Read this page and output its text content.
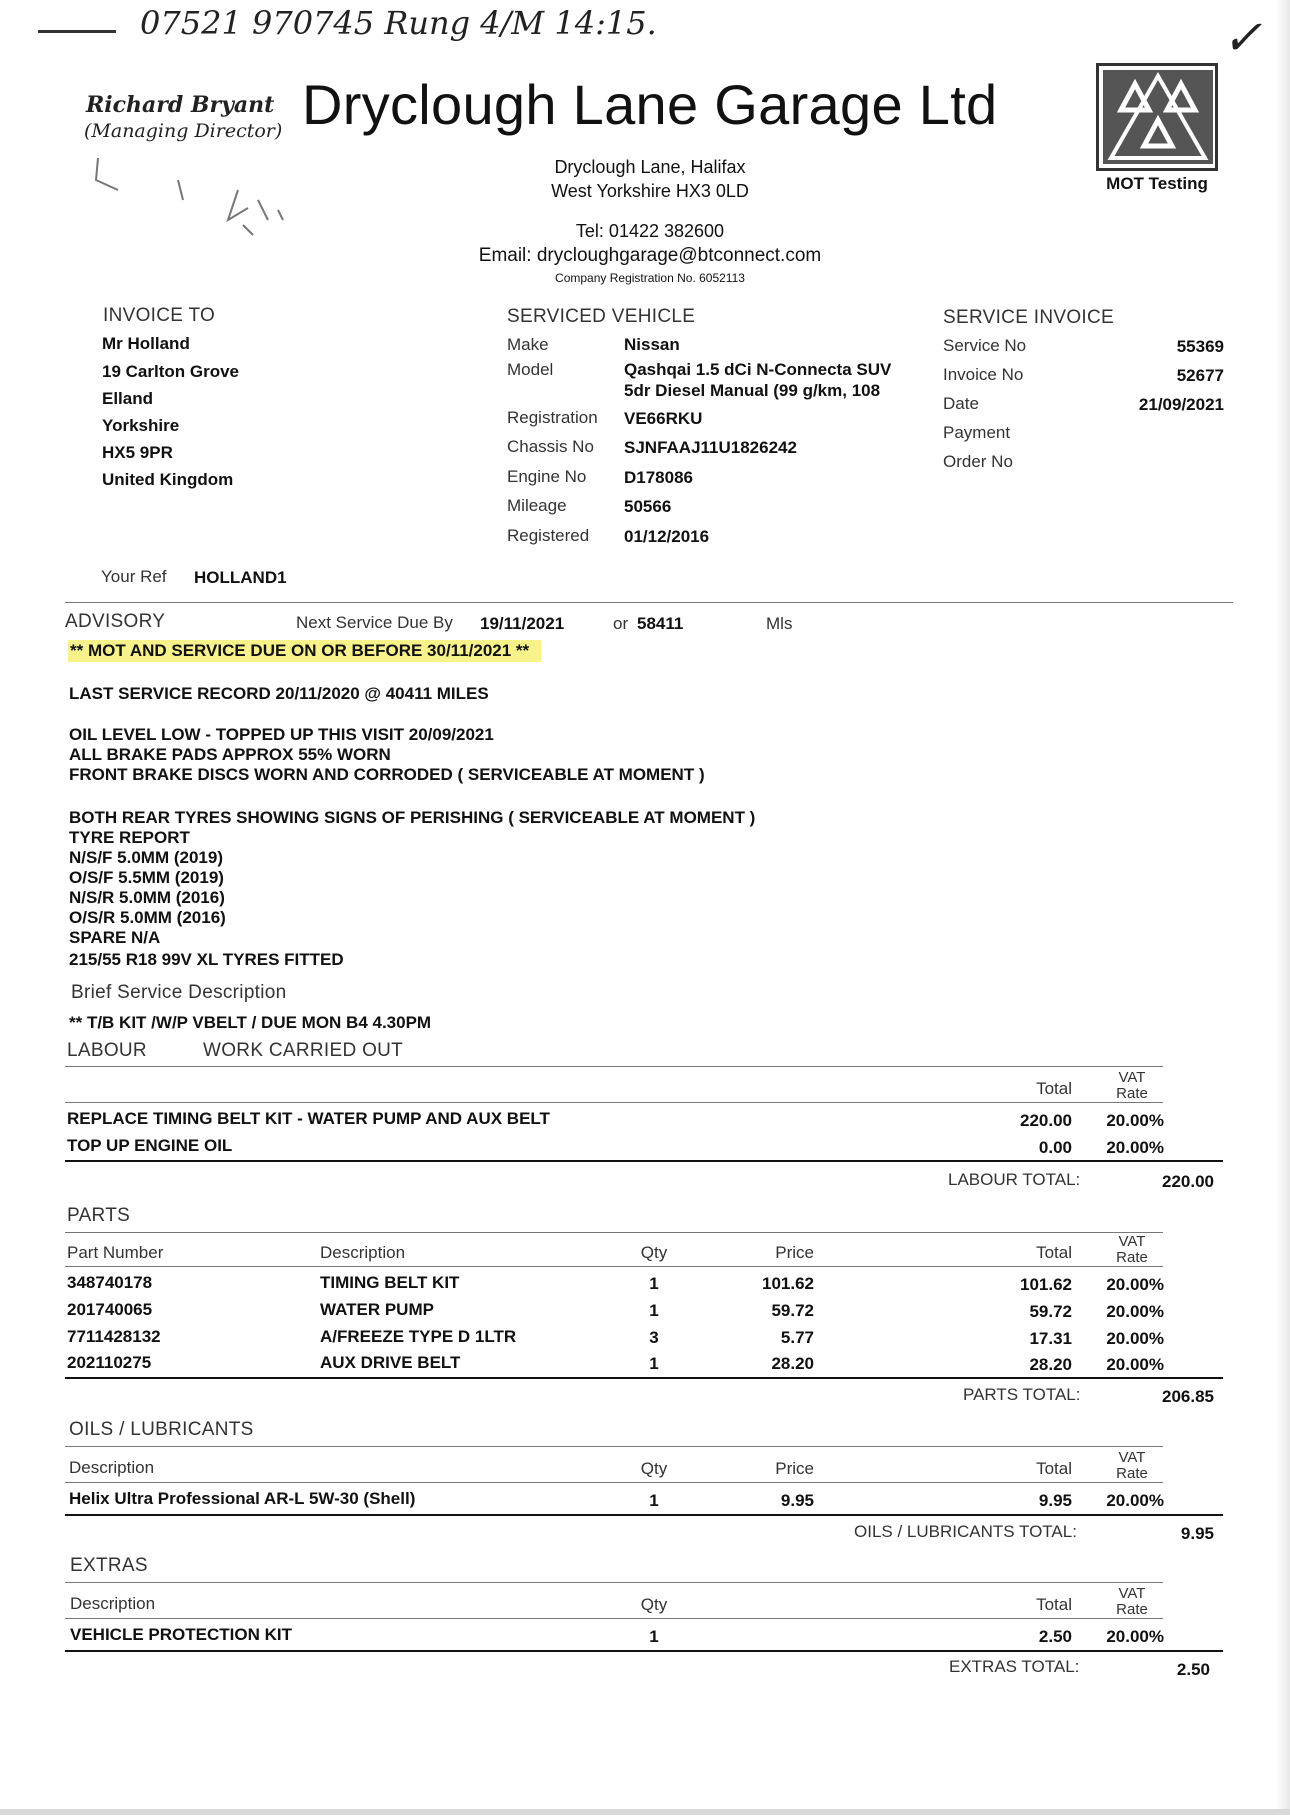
07521 970745 Rung 4/M 14:15.	✓
Richard Bryant
(Managing Director) Dryclough Lane Garage Ltd
Dryclough Lane, Halifax
West Yorkshire HX3 0LD
Tel: 01422 382600
Email: drycloughgarage@btconnect.com
Company Registration No. 6052113
MOT Testing
INVOICE TO
Mr Holland
19 Carlton Grove
Elland
Yorkshire
HX5 9PR
United Kingdom
Your Ref HOLLAND1
SERVICED VEHICLE
Make	Nissan
Model	Qashqai 1.5 dCi N-Connecta SUV
5dr Diesel Manual (99 g/km, 108
Registration VE66RKU
Chassis No SJNFAAJ11U1826242
Engine No D178086
Mileage	50566
Registered 01/12/2016
SERVICE INVOICE
Service No	55369
Invoice No	52677
Date	21/09/2021
Payment
Order No
ADVISORY	Next Service Due By 19/11/2021	or 58411	Mls
** MOT AND SERVICE DUE ON OR BEFORE 30/11/2021 **
LAST SERVICE RECORD 20/11/2020 @ 40411 MILES
OIL LEVEL LOW - TOPPED UP THIS VISIT 20/09/2021
ALL BRAKE PADS APPROX 55% WORN
FRONT BRAKE DISCS WORN AND CORRODED ( SERVICEABLE AT MOMENT )
BOTH REAR TYRES SHOWING SIGNS OF PERISHING ( SERVICEABLE AT MOMENT )
TYRE REPORT
N/S/F 5.0MM (2019)
O/S/F 5.5MM (2019)
N/S/R 5.0MM (2016)
O/S/R 5.0MM (2016)
SPARE N/A
215/55 R18 99V XL TYRES FITTED
Brief Service Description
** T/B KIT /W/P VBELT / DUE MON B4 4.30PM
LABOUR	WORK CARRIED OUT
Total
VAT
Rate
REPLACE TIMING BELT KIT - WATER PUMP AND AUX BELT	220.00	20.00%
TOP UP ENGINE OIL	0.00	20.00%
LABOUR TOTAL:	220.00
PARTS
Part Number	Description	Qty	Price	Total
VAT
Rate
348740178	TIMING BELT KIT	1	101.62	101.62	20.00%
201740065	WATER PUMP	1	59.72	59.72	20.00%
7711428132	A/FREEZE TYPE D 1LTR	3	5.77	17.31	20.00%
202110275	AUX DRIVE BELT	1	28.20	28.20	20.00%
PARTS TOTAL:	206.85
OILS / LUBRICANTS
Description	Qty	Price	Total
VAT
Rate
Helix Ultra Professional AR-L 5W-30 (Shell)	1	9.95	9.95	20.00%
OILS / LUBRICANTS TOTAL:	9.95
EXTRAS
Description	Qty	Total
VAT
Rate
VEHICLE PROTECTION KIT	1	2.50	20.00%
EXTRAS TOTAL:	2.50
